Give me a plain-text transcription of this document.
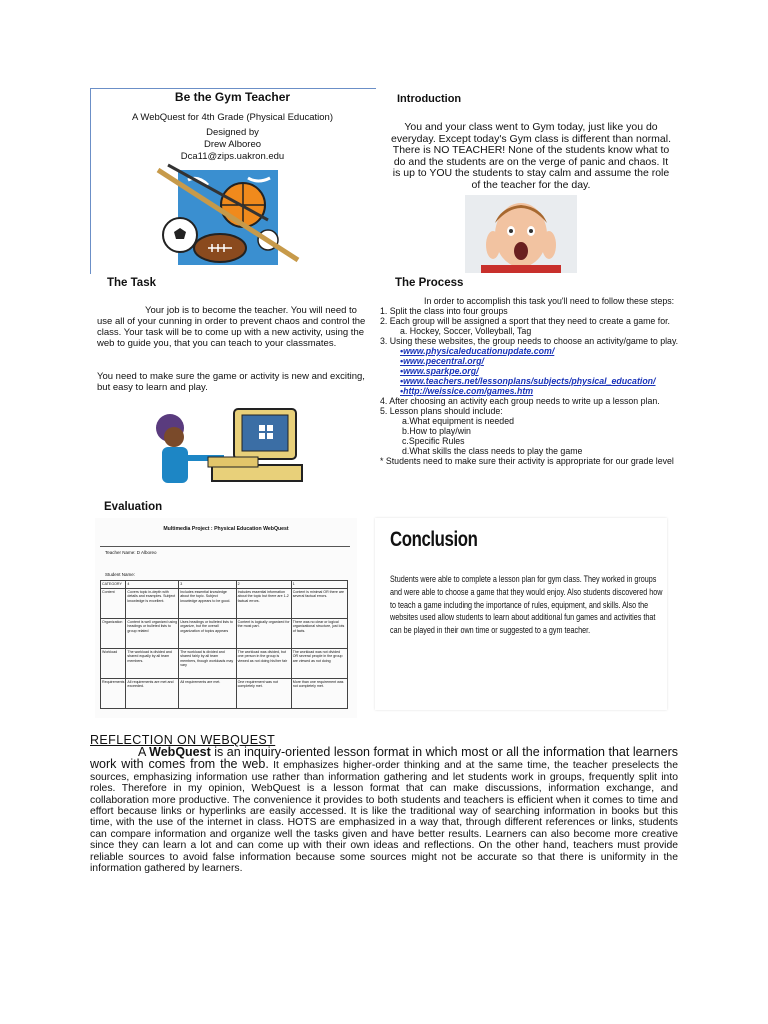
Be the Gym Teacher
A WebQuest for 4th Grade (Physical Education)
Designed by
Drew Alboreo
Dca11@zips.uakron.edu
Introduction
You and your class went to Gym today, just like you do everyday. Except today's Gym class is different than normal. There is NO TEACHER! None of the students know what to do and the students are on the verge of panic and chaos. It is up to YOU the students to stay calm and assume the role of the teacher for the day.
The Task
Your job is to become the teacher. You will need to use all of your cunning in order to prevent chaos and control the class. Your task will be to come up with a new activity, using the web to guide you, that you can teach to your classmates.
You need to make sure the game or activity is new and exciting, but easy to learn and play.
The Process
In order to accomplish this task you'll need to follow these steps:
1. Split the class into four groups
2. Each group will be assigned a sport that they need to create a game for.
a. Hockey, Soccer, Volleyball, Tag
3. Using these websites, the group needs to choose an activity/game to play.
•www.physicaleducationupdate.com/
•www.pecentral.org/
•www.sparkpe.org/
•www.teachers.net/lessonplans/subjects/physical_education/
•http://weissice.com/games.htm
4. After choosing an activity each group needs to write up a lesson plan.
5. Lesson plans should include:
a.What equipment is needed
b.How to play/win
c.Specific Rules
d.What skills the class needs to play the game
* Students need to make sure their activity is appropriate for our grade level
Evaluation
Multimedia Project : Physical Education WebQuest
Teacher Name: D Alboreo
Student Name:
CATEGORY	4	3	2	1
Content	Covers topic in-depth with details and examples. Subject knowledge is excellent.	Includes essential knowledge about the topic. Subject knowledge appears to be good.	Includes essential information about the topic but there are 1-2 factual errors.	Content is minimal OR there are several factual errors.
Organization	Content is well organized using headings or bulleted lists to group related	Uses headings or bulleted lists to organize, but the overall organization of topics appears	Content is logically organized for the most part.	There was no clear or logical organizational structure, just lots of facts.
Workload	The workload is divided and shared equally by all team members.	The workload is divided and shared fairly by all team members, though workloads may vary	The workload was divided, but one person in the group is viewed as not doing his/her fair	The workload was not divided OR several people in the group are viewed as not doing
Requirements	All requirements are met and exceeded.	All requirements are met.	One requirement was not completely met.	More than one requirement was not completely met.
Conclusion
Students were able to complete a lesson plan for gym class. They worked in groups and were able to choose a game that they would enjoy. Also students discovered how to teach a game including the importance of rules, equipment, and skills. Also the websites used allow students to learn about additional fun games and activities that can be played in their own time or suggested to a gym teacher.
REFLECTION ON WEBQUEST
A WebQuest is an inquiry-oriented lesson format in which most or all the information that learners work with comes from the web. It emphasizes higher-order thinking and at the same time, the teacher preselects the sources, emphasizing information use rather than information gathering and let students work in groups, frequently split into roles. Therefore in my opinion, WebQuest is a lesson format that can make discussions, information exchange, and collaboration more productive. The convenience it provides to both students and teachers is efficient when it comes to time and effort because links or hyperlinks are easily accessed. It is like the traditional way of searching information in books but this time, with the use of the internet in class. HOTS are emphasized in a way that, through different references or links, students can compare information and organize well the tasks given and have better results. Learners can also become more creative since they can learn a lot and can come up with their own ideas and reflections. On the other hand, teachers must provide reliable sources to avoid false information because some sources might not be accurate so that there is uniformity in the information gathered by learners.
